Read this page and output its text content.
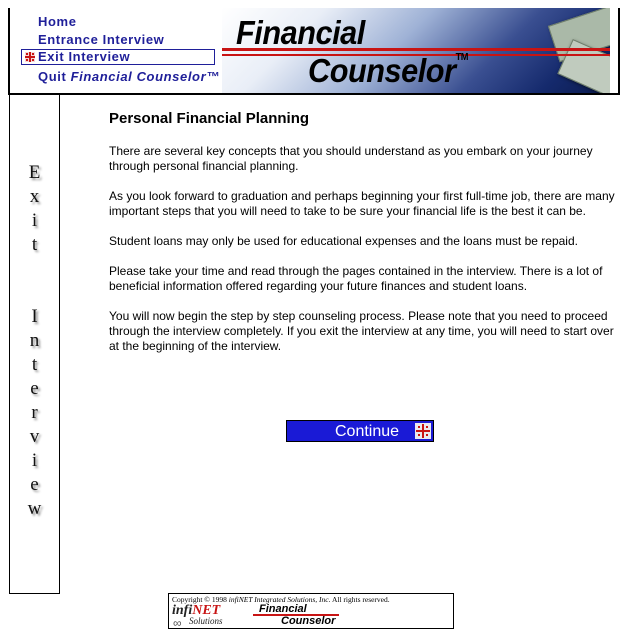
Home
Entrance Interview
Exit Interview
Quit Financial Counselor™
Financial
Counselor™
E
x
i
t
I
n
t
e
r
v
i
e
w
Personal Financial Planning

There are several key concepts that you should understand as you embark on your journey through personal financial planning.

As you look forward to graduation and perhaps beginning your first full-time job, there are many important steps that you will need to take to be sure your financial life is the best it can be.

Student loans may only be used for educational expenses and the loans must be repaid.

Please take your time and read through the pages contained in the interview. There is a lot of beneficial information offered regarding your future finances and student loans.

You will now begin the step by step counseling process. Please note that you need to proceed through the interview completely. If you exit the interview at any time, you will need to start over at the beginning of the interview.

Continue
Copyright © 1998 infiNET Integrated Solutions, Inc. All rights reserved.
infiNET
∞ Solutions
Financial
Counselor
